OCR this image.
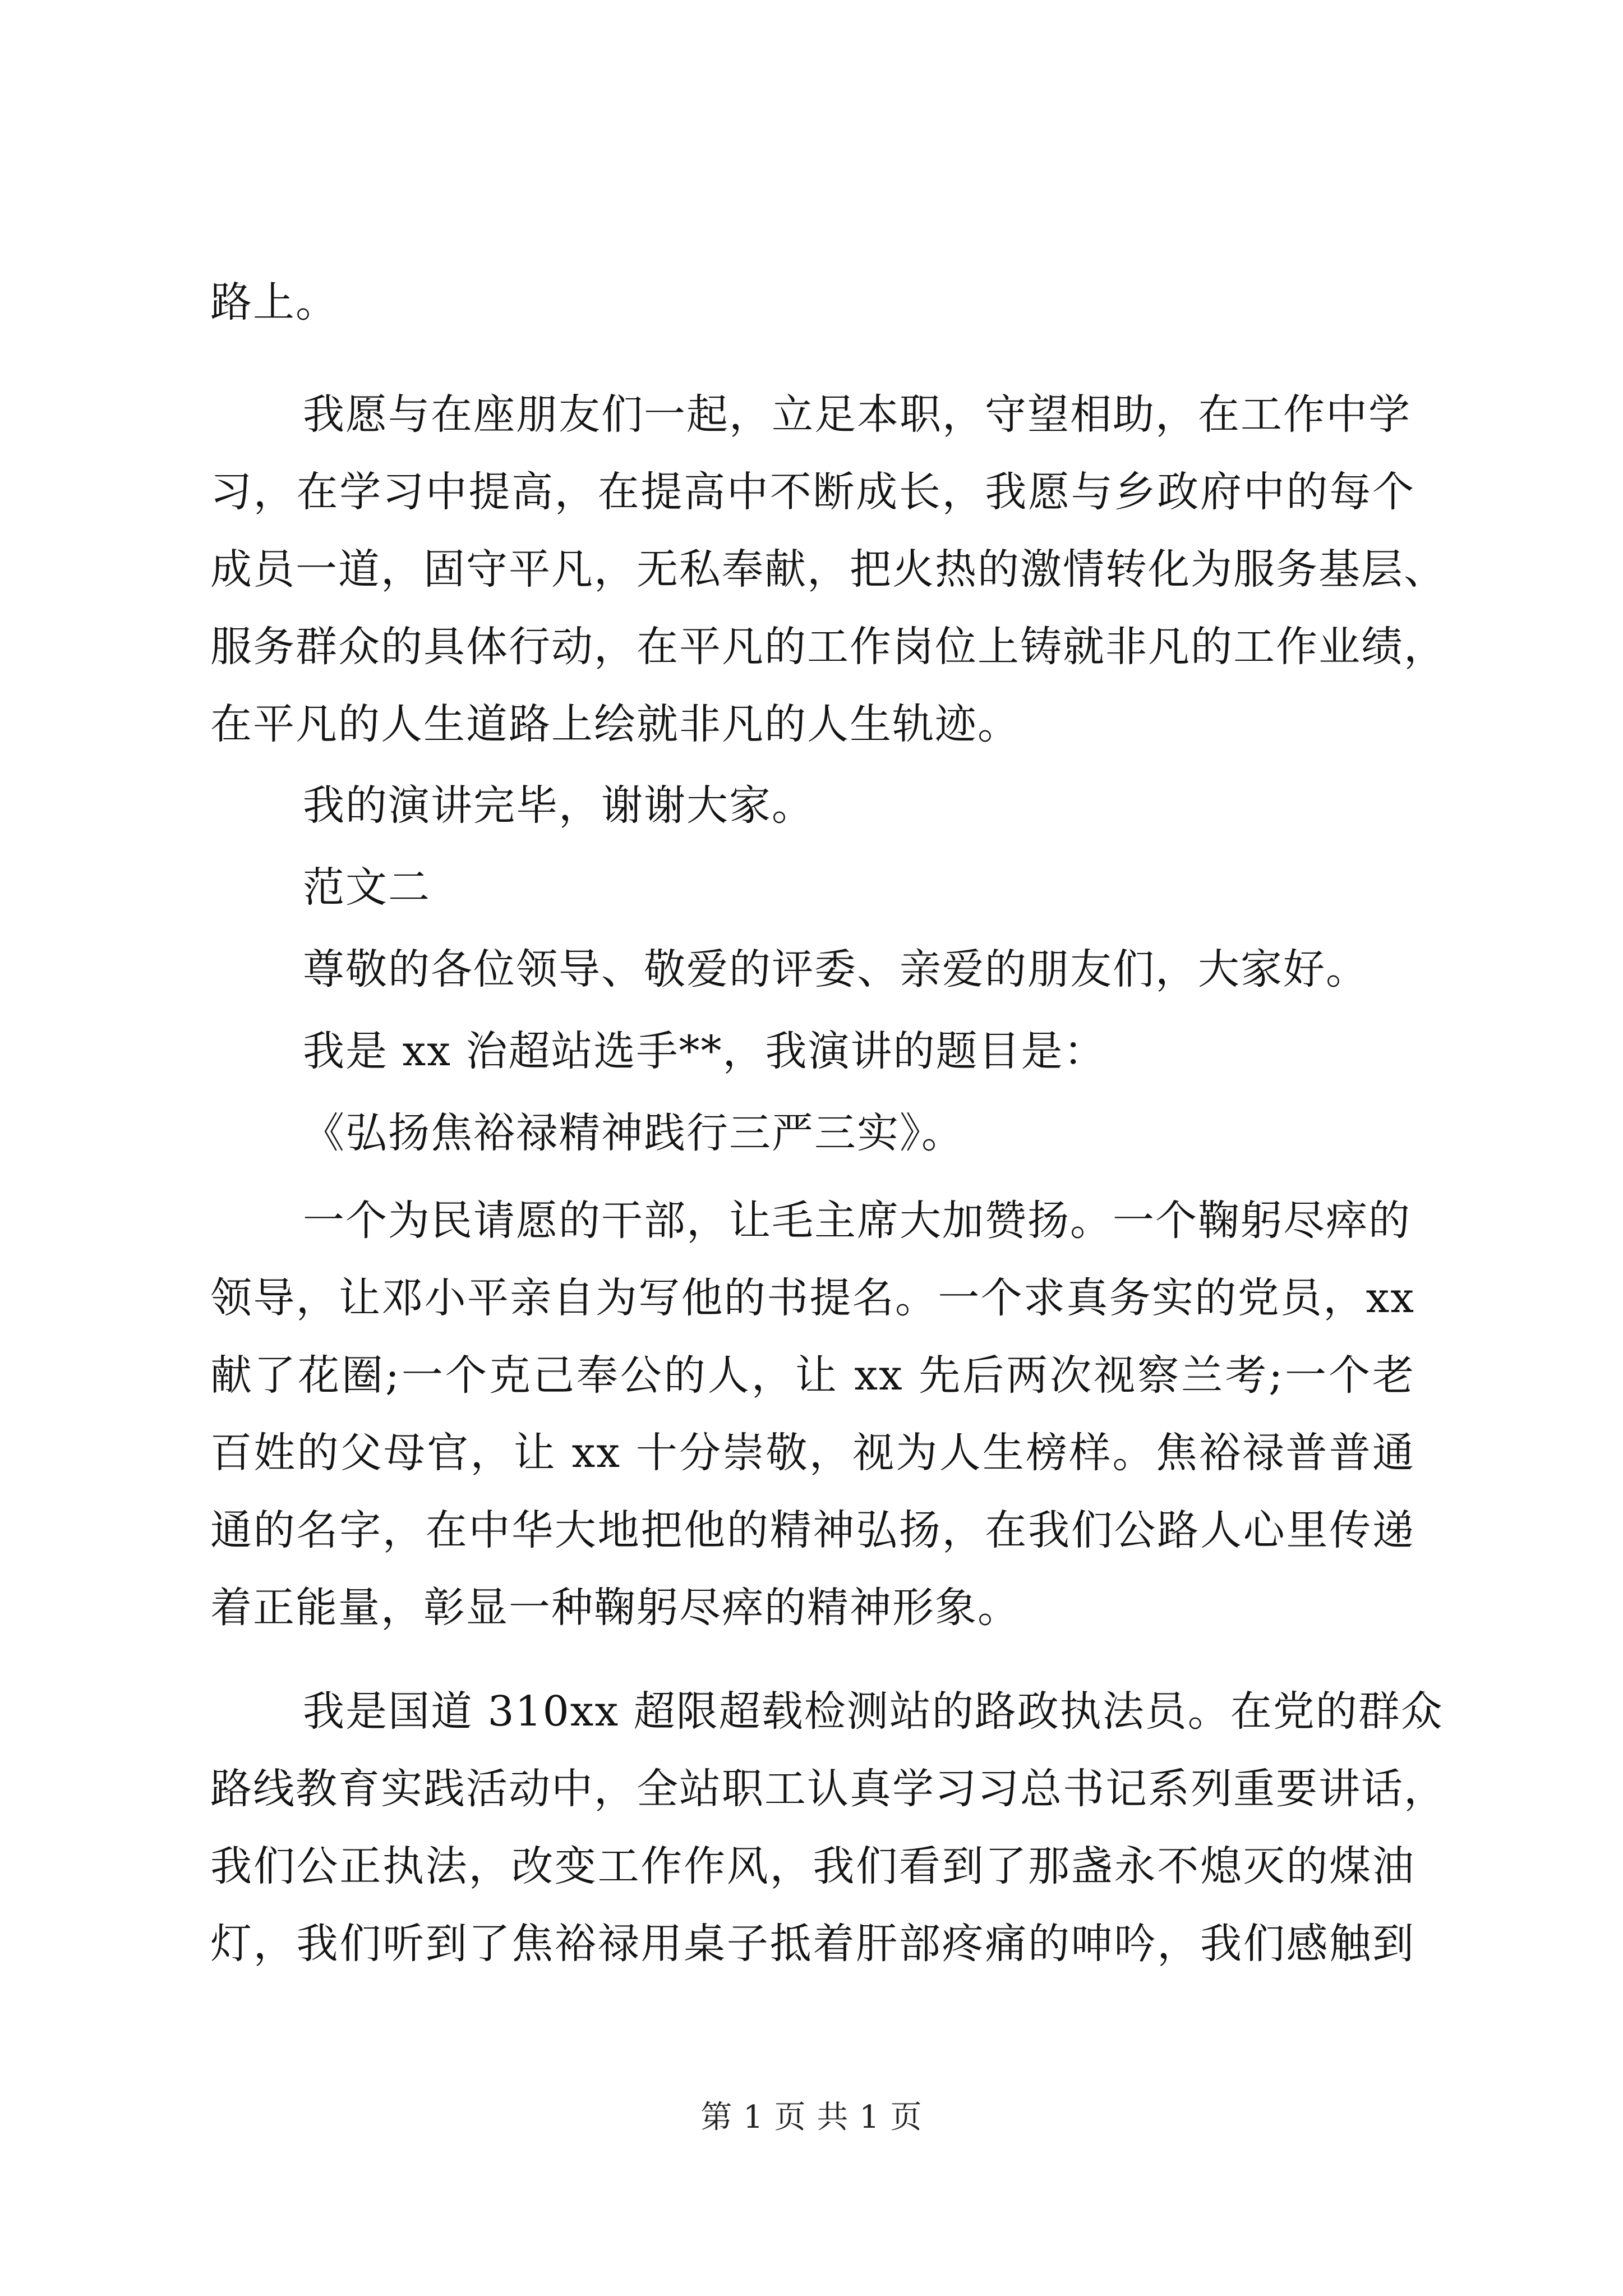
路上。
我愿与在座朋友们一起，立足本职，守望相助，在工作中学
习，在学习中提高，在提高中不断成长，我愿与乡政府中的每个
成员一道，固守平凡，无私奉献，把火热的激情转化为服务基层、
服务群众的具体行动，在平凡的工作岗位上铸就非凡的工作业绩，
在平凡的人生道路上绘就非凡的人生轨迹。
我的演讲完毕，谢谢大家。
范文二
尊敬的各位领导、敬爱的评委、亲爱的朋友们，大家好。
我是 xx 治超站选手**，我演讲的题目是：
《弘扬焦裕禄精神践行三严三实》。
一个为民请愿的干部，让毛主席大加赞扬。一个鞠躬尽瘁的
领导，让邓小平亲自为写他的书提名。一个求真务实的党员，xx
献了花圈;一个克己奉公的人，让 xx 先后两次视察兰考;一个老
百姓的父母官，让 xx 十分崇敬，视为人生榜样。焦裕禄普普通
通的名字，在中华大地把他的精神弘扬，在我们公路人心里传递
着正能量，彰显一种鞠躬尽瘁的精神形象。
我是国道 310xx 超限超载检测站的路政执法员。在党的群众
路线教育实践活动中，全站职工认真学习习总书记系列重要讲话，
我们公正执法，改变工作作风，我们看到了那盏永不熄灭的煤油
灯，我们听到了焦裕禄用桌子抵着肝部疼痛的呻吟，我们感触到
第 1 页 共 1 页
